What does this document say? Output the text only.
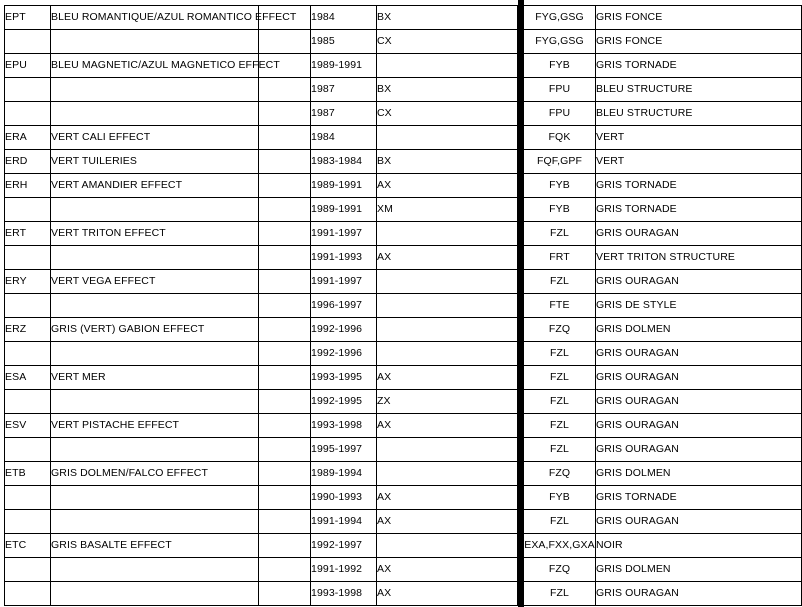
EPT	BLEU ROMANTIQUE/AZUL ROMANTICO EFFECT		1984	BX		FYG,GSG	GRIS FONCE
			1985	CX		FYG,GSG	GRIS FONCE
EPU	BLEU MAGNETIC/AZUL MAGNETICO EFFECT		1989-1991			FYB	GRIS TORNADE
			1987	BX		FPU	BLEU STRUCTURE
			1987	CX		FPU	BLEU STRUCTURE
ERA	VERT CALI EFFECT		1984			FQK	VERT
ERD	VERT TUILERIES		1983-1984	BX		FQF,GPF	VERT
ERH	VERT AMANDIER EFFECT		1989-1991	AX		FYB	GRIS TORNADE
			1989-1991	XM		FYB	GRIS TORNADE
ERT	VERT TRITON EFFECT		1991-1997			FZL	GRIS OURAGAN
			1991-1993	AX		FRT	VERT TRITON STRUCTURE
ERY	VERT VEGA EFFECT		1991-1997			FZL	GRIS OURAGAN
			1996-1997			FTE	GRIS DE STYLE
ERZ	GRIS (VERT) GABION EFFECT		1992-1996			FZQ	GRIS DOLMEN
			1992-1996			FZL	GRIS OURAGAN
ESA	VERT MER		1993-1995	AX		FZL	GRIS OURAGAN
			1992-1995	ZX		FZL	GRIS OURAGAN
ESV	VERT PISTACHE EFFECT		1993-1998	AX		FZL	GRIS OURAGAN
			1995-1997			FZL	GRIS OURAGAN
ETB	GRIS DOLMEN/FALCO EFFECT		1989-1994			FZQ	GRIS DOLMEN
			1990-1993	AX		FYB	GRIS TORNADE
			1991-1994	AX		FZL	GRIS OURAGAN
ETC	GRIS BASALTE EFFECT		1992-1997			EXA,FXX,GXA	NOIR
			1991-1992	AX		FZQ	GRIS DOLMEN
			1993-1998	AX		FZL	GRIS OURAGAN
